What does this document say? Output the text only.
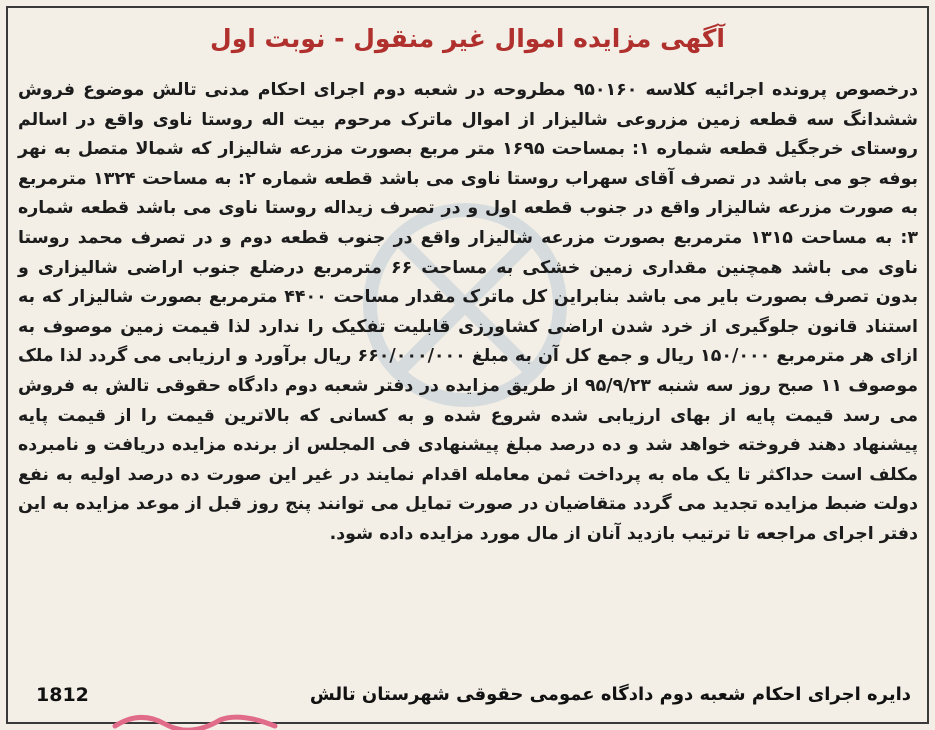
آگهی مزایده اموال غیر منقول - نوبت اول
درخصوص پرونده اجرائیه کلاسه ۹۵۰۱۶۰ مطروحه در شعبه دوم اجرای احکام مدنی تالش موضوع فروش ششدانگ سه قطعه زمین مزروعی شالیزار از اموال ماترک مرحوم بیت اله روستا ناوی واقع در اسالم روستای خرجگیل قطعه شماره ۱: بمساحت ۱۶۹۵ متر مربع بصورت مزرعه شالیزار که شمالا متصل به نهر بوفه جو می باشد در تصرف آقای سهراب روستا ناوی می باشد قطعه شماره ۲: به مساحت ۱۳۲۴ مترمربع به صورت مزرعه شالیزار واقع در جنوب قطعه اول و در تصرف زیداله روستا ناوی می باشد قطعه شماره ۳: به مساحت ۱۳۱۵ مترمربع بصورت مزرعه شالیزار واقع در جنوب قطعه دوم و در تصرف محمد روستا ناوی می باشد همچنین مقداری زمین خشکی به مساحت ۶۶ مترمربع درضلع جنوب اراضی شالیزاری و بدون تصرف بصورت بایر می باشد بنابراین کل ماترک مقدار مساحت ۴۴۰۰ مترمربع بصورت شالیزار که به استناد قانون جلوگیری از خرد شدن اراضی کشاورزی قابلیت تفکیک را ندارد لذا قیمت زمین موصوف به ازای هر مترمربع ۱۵۰/۰۰۰ ریال و جمع کل آن به مبلغ ۶۶۰/۰۰۰/۰۰۰ ریال برآورد و ارزیابی می گردد لذا ملک موصوف ۱۱ صبح روز سه شنبه ۹۵/۹/۲۳ از طریق مزایده در دفتر شعبه دوم دادگاه حقوقی تالش به فروش می رسد قیمت پایه از بهای ارزیابی شده شروع شده و به کسانی که بالاترین قیمت را از قیمت پایه پیشنهاد دهند فروخته خواهد شد و ده درصد مبلغ پیشنهادی فی المجلس از برنده مزایده دریافت و نامبرده مکلف است حداکثر تا یک ماه به پرداخت ثمن معامله اقدام نمایند در غیر این صورت ده درصد اولیه به نفع دولت ضبط مزایده تجدید می گردد متقاضیان در صورت تمایل می توانند پنج روز قبل از موعد مزایده به این دفتر اجرای مراجعه تا ترتیب بازدید آنان از مال مورد مزایده داده شود.
دایره اجرای احکام شعبه دوم دادگاه عمومی حقوقی شهرستان تالش
1812
